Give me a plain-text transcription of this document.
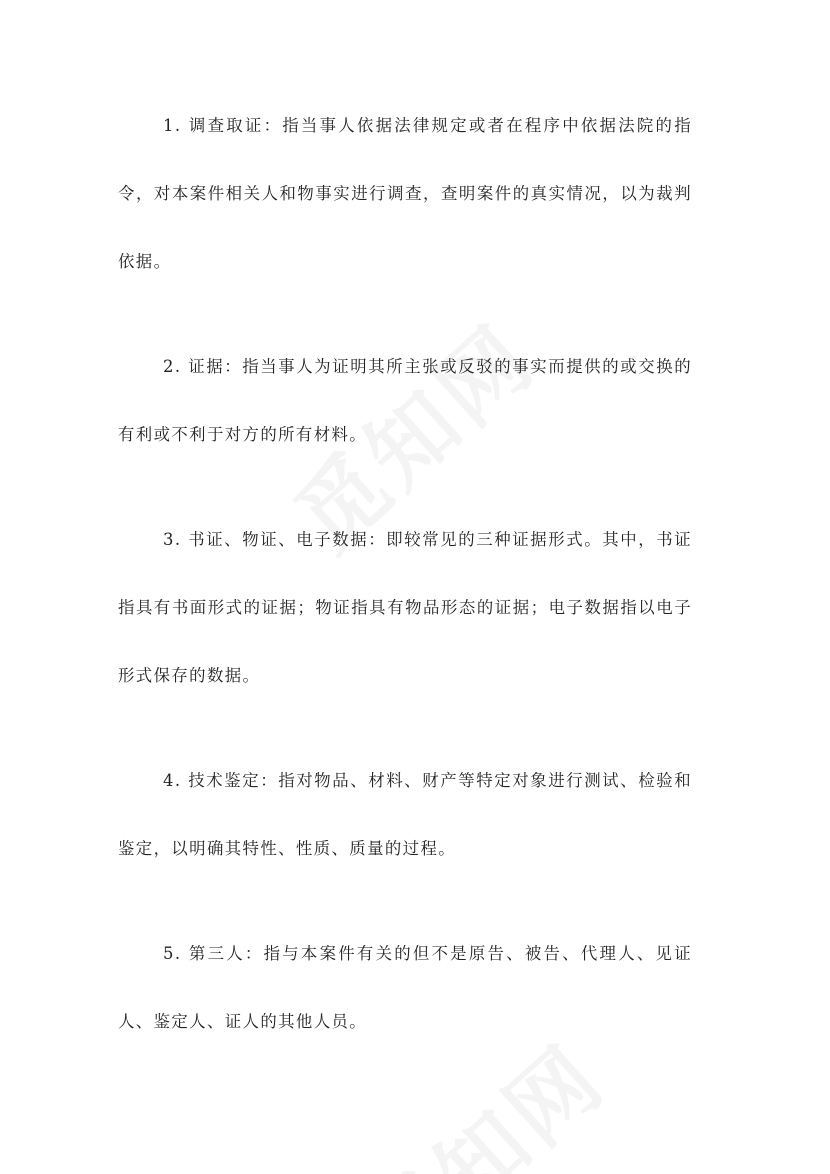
1. 调查取证：指当事人依据法律规定或者在程序中依据法院的指令，对本案件相关人和物事实进行调查，查明案件的真实情况，以为裁判依据。

2. 证据：指当事人为证明其所主张或反驳的事实而提供的或交换的有利或不利于对方的所有材料。

3. 书证、物证、电子数据：即较常见的三种证据形式。其中，书证指具有书面形式的证据；物证指具有物品形态的证据；电子数据指以电子形式保存的数据。

4. 技术鉴定：指对物品、材料、财产等特定对象进行测试、检验和鉴定，以明确其特性、性质、质量的过程。

5. 第三人：指与本案件有关的但不是原告、被告、代理人、见证人、鉴定人、证人的其他人员。
